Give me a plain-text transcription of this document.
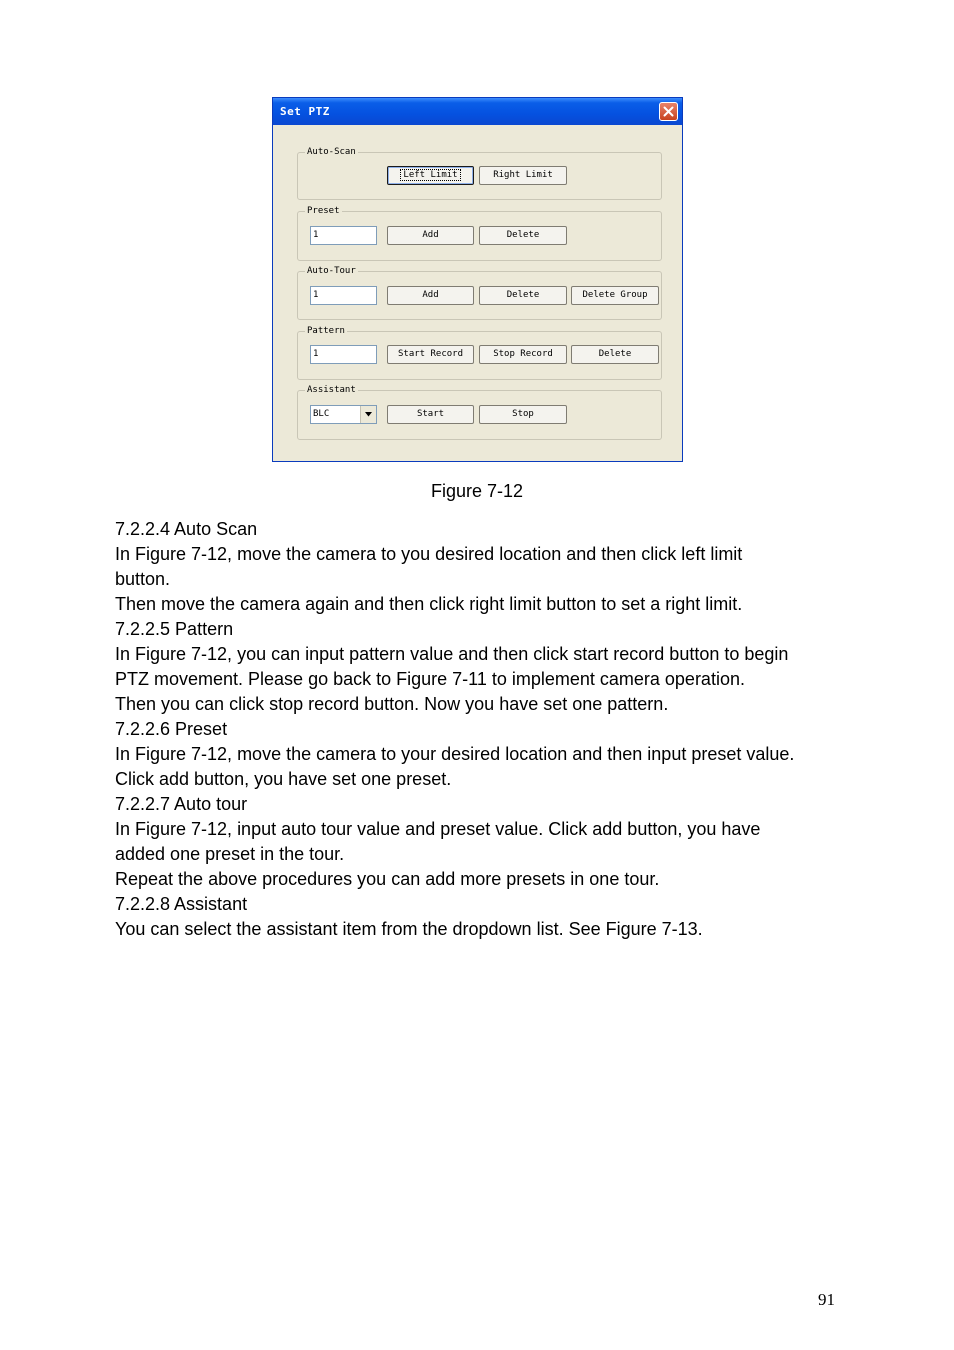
Set PTZ
Auto-Scan
Left Limit	Right Limit
Preset
1	Add	Delete
Auto-Tour
1	Add	Delete	Delete Group
Pattern
1	Start Record	Stop Record	Delete
Assistant
BLC	Start	Stop
Figure 7-12

7.2.2.4 Auto Scan

In Figure 7-12, move the camera to you desired location and then click left limit

button.

Then move the camera again and then click right limit button to set a right limit.

7.2.2.5 Pattern

In Figure 7-12, you can input pattern value and then click start record button to begin

PTZ movement. Please go back to Figure 7-11 to implement camera operation.

Then you can click stop record button. Now you have set one pattern.

7.2.2.6 Preset

In Figure 7-12, move the camera to your desired location and then input preset value.

Click add button, you have set one preset.

7.2.2.7 Auto tour

In Figure 7-12, input auto tour value and preset value. Click add button, you have

added one preset in the tour.

Repeat the above procedures you can add more presets in one tour.

7.2.2.8 Assistant

You can select the assistant item from the dropdown list. See Figure 7-13.

91
